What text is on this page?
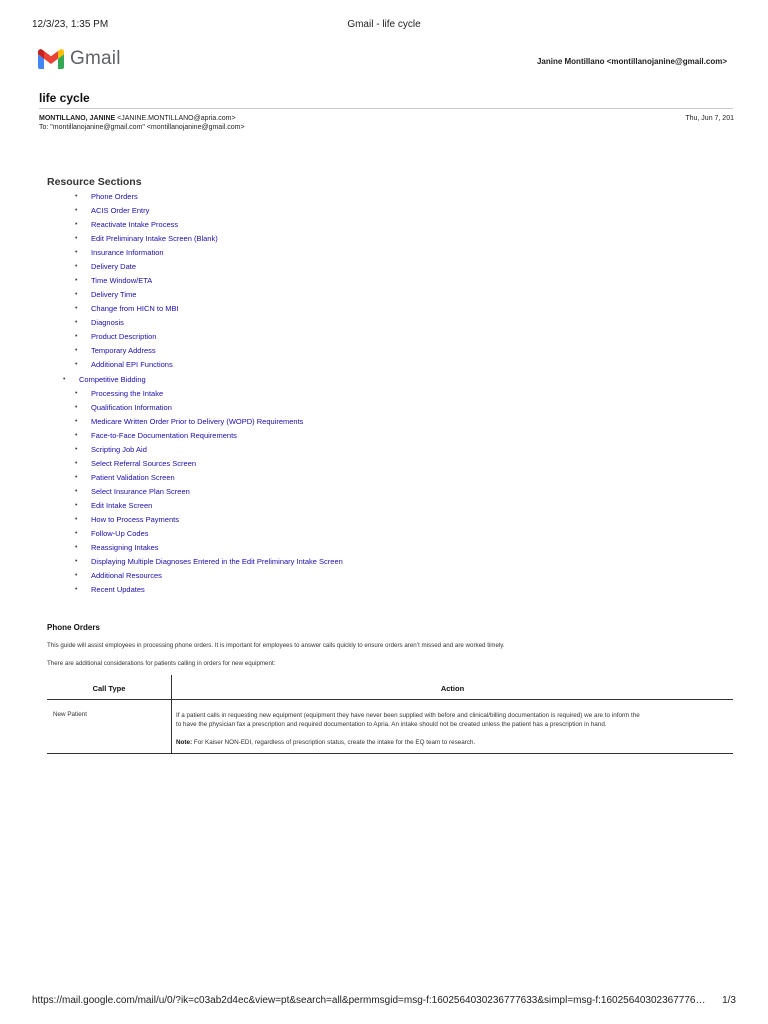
12/3/23, 1:35 PM	Gmail - life cycle
Gmail	Janine Montillano <montillanojanine@gmail.com>
life cycle
MONTILLANO, JANINE <JANINE.MONTILLANO@apria.com>
To: "montillanojanine@gmail.com" <montillanojanine@gmail.com>
Thu, Jun 7, 201
Resource Sections
• Phone Orders
• ACIS Order Entry
• Reactivate Intake Process
• Edit Preliminary Intake Screen (Blank)
• Insurance Information
• Delivery Date
• Time Window/ETA
• Delivery Time
• Change from HICN to MBI
• Diagnosis
• Product Description
• Temporary Address
• Additional EPI Functions
• Competitive Bidding
• Processing the Intake
• Qualification Information
• Medicare Written Order Prior to Delivery (WOPD) Requirements
• Face-to-Face Documentation Requirements
• Scripting Job Aid
• Select Referral Sources Screen
• Patient Validation Screen
• Select Insurance Plan Screen
• Edit Intake Screen
• How to Process Payments
• Follow-Up Codes
• Reassigning Intakes
• Displaying Multiple Diagnoses Entered in the Edit Preliminary Intake Screen
• Additional Resources
• Recent Updates
Phone Orders
This guide will assist employees in processing phone orders. It is important for employees to answer calls quickly to ensure orders aren’t missed and are worked timely.
There are additional considerations for patients calling in orders for new equipment:
Call Type	Action
New Patient	If a patient calls in requesting new equipment (equipment they have never been supplied with before and clinical/billing documentation is required) we are to inform the
to have the physician fax a prescription and required documentation to Apria. An intake should not be created unless the patient has a prescription in hand.
Note: For Kaiser NON-EDI, regardless of prescription status, create the intake for the EQ team to research.
https://mail.google.com/mail/u/0/?ik=c03ab2d4ec&view=pt&search=all&permmsgid=msg-f:1602564030236777633&simpl=msg-f:16025640302367776… 1/3
